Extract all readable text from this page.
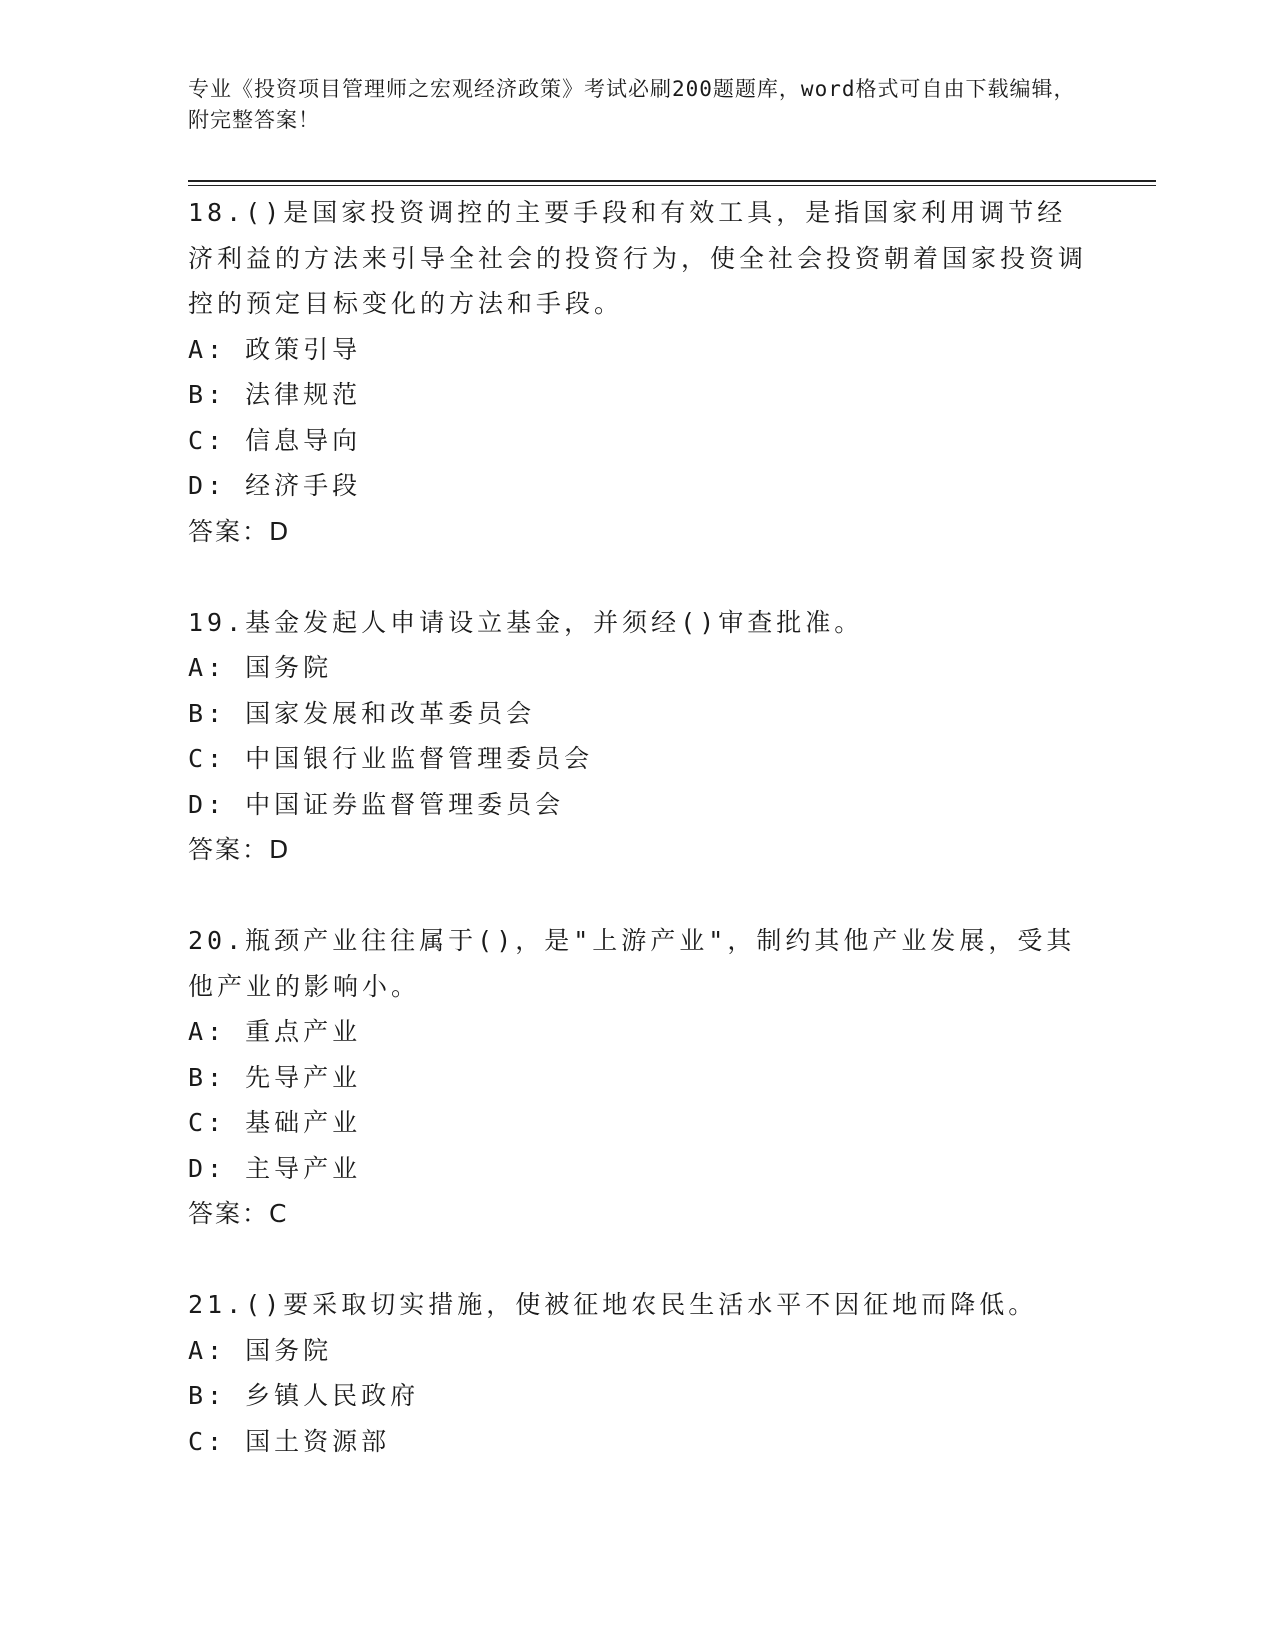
专业《投资项目管理师之宏观经济政策》考试必刷200题题库，word格式可自由下载编辑，附完整答案！

18.()是国家投资调控的主要手段和有效工具，是指国家利用调节经济利益的方法来引导全社会的投资行为，使全社会投资朝着国家投资调控的预定目标变化的方法和手段。

A: 政策引导

B: 法律规范

C: 信息导向

D: 经济手段

答案：D

19.基金发起人申请设立基金，并须经()审查批准。

A: 国务院

B: 国家发展和改革委员会

C: 中国银行业监督管理委员会

D: 中国证券监督管理委员会

答案：D

20.瓶颈产业往往属于()，是"上游产业"，制约其他产业发展，受其他产业的影响小。

A: 重点产业

B: 先导产业

C: 基础产业

D: 主导产业

答案：C

21.()要采取切实措施，使被征地农民生活水平不因征地而降低。

A: 国务院

B: 乡镇人民政府

C: 国土资源部
